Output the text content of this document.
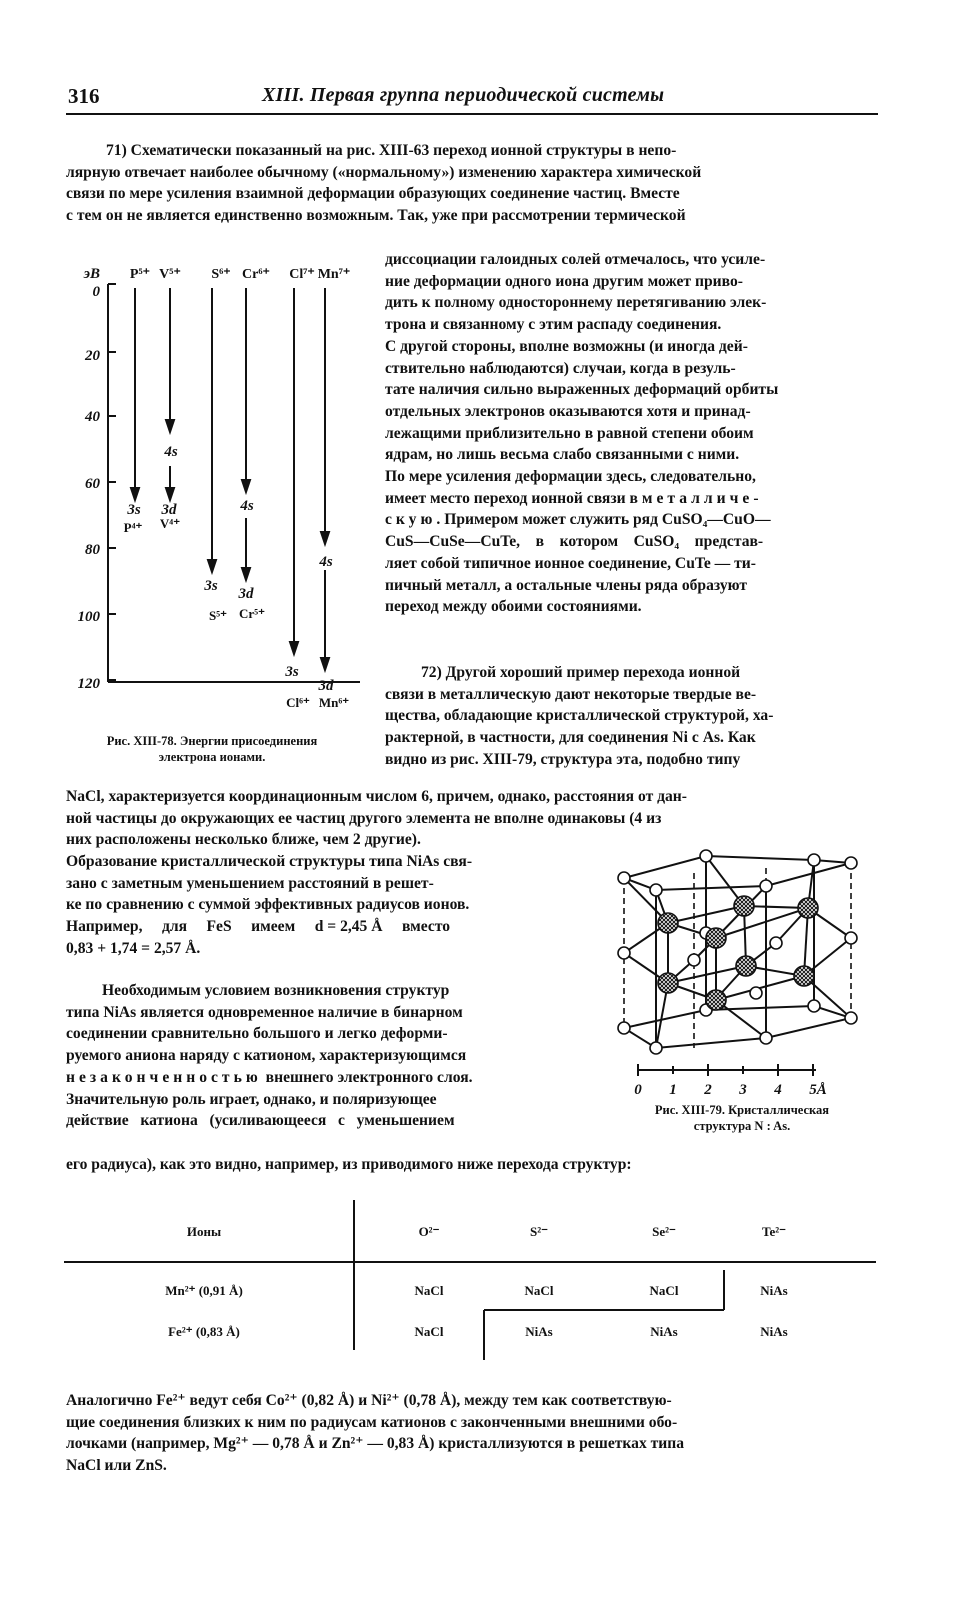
316	XIII. Первая группа периодической системы
71) Схематически показанный на рис. XIII-63 переход ионной структуры в непо-
лярную отвечает наиболее обычному («нормальному») изменению характера химической
связи по мере усиления взаимной деформации образующих соединение частиц. Вместе
с тем он не является единственно возможным. Так, уже при рассмотрении термической
эВ
0
20
40
60
80
100
120
P⁵⁺ V⁵⁺ S⁶⁺ Cr⁶⁺ Cl⁷⁺ Mn⁷⁺
4s
3s 3d	4s
3s 3d
4s
3s
3d
P⁴⁺ V⁴⁺
S⁵⁺ Cr⁵⁺
Cl⁶⁺ Mn⁶⁺
Рис. XIII-78. Энергии присоединения
электрона ионами.
диссоциации галоидных солей отмечалось, что усиле-
ние деформации одного иона другим может приво-
дить к полному одностороннему перетягиванию элек-
трона и связанному с этим распаду соединения.
С другой стороны, вполне возможны (и иногда дей-
ствительно наблюдаются) случаи, когда в резуль-
тате наличия сильно выраженных деформаций орбиты
отдельных электронов оказываются хотя и принад-
лежащими приблизительно в равной степени обоим
ядрам, но лишь весьма слабо связанными с ними.
По мере усиления деформации здесь, следовательно,
имеет место переход ионной связи в металличе-
скую. Примером может служить ряд CuSO₄—CuO—
CuS—CuSe—CuTe,    в    котором    CuSO₄    представ-
ляет собой типичное ионное соединение, CuTe — ти-
пичный металл, а остальные члены ряда образуют
переход между обоими состояниями.
72) Другой хороший пример перехода ионной
связи в металлическую дают некоторые твердые ве-
щества, обладающие кристаллической структурой, ха-
рактерной, в частности, для соединения Ni с As. Как
видно из рис. XIII-79, структура эта, подобно типу
NaCl, характеризуется координационным числом 6, причем, однако, расстояния от дан-
ной частицы до окружающих ее частиц другого элемента не вполне одинаковы (4 из
них расположены несколько ближе, чем 2 другие).
Образование кристаллической структуры типа NiAs свя-
зано с заметным уменьшением расстояний в решет-
ке по сравнению с суммой эффективных радиусов ионов.
Например,     для     FeS     имеем     d = 2,45 Å     вместо
0,83 + 1,74 = 2,57 Å.
Необходимым условием возникновения структур
типа NiAs является одновременное наличие в бинарном
соединении сравнительно большого и легко деформи-
руемого аниона наряду с катионом, характеризующимся
незаконченностью внешнего электронного слоя.
Значительную роль играет, однако, и поляризующее
действие   катиона   (усиливающееся   с   уменьшением
его радиуса), как это видно, например, из приводимого ниже перехода структур:
0 1 2 3 4 5Å
Рис. XIII-79. Кристаллическая
структура N : As.
Ионы	O²⁻	S²⁻	Se²⁻	Te²⁻
Mn²⁺ (0,91 Å)	NaCl	NaCl	NaCl	NiAs
Fe²⁺ (0,83 Å)	NaCl	NiAs	NiAs	NiAs
Аналогично Fe²⁺ ведут себя Co²⁺ (0,82 Å) и Ni²⁺ (0,78 Å), между тем как соответствую-
щие соединения близких к ним по радиусам катионов с законченными внешними обо-
лочками (например, Mg²⁺ — 0,78 Å и Zn²⁺ — 0,83 Å) кристаллизуются в решетках типа
NaCl или ZnS.
